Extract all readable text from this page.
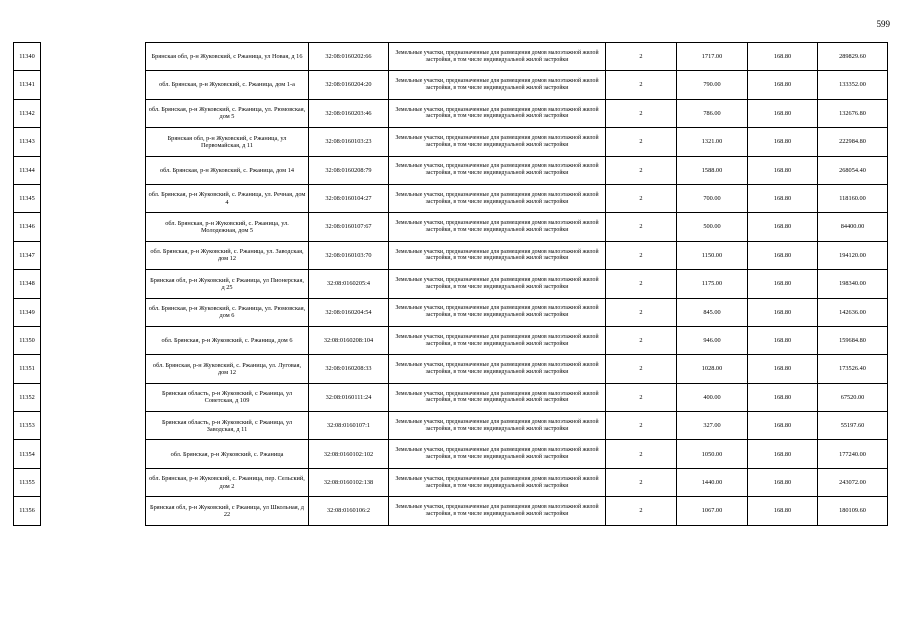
599
11340		Брянская обл, р-н Жуковский, с Ржаница, ул Новая, д 16	32:08:0160202:66	Земельные участки, предназначенные для размещения домов малоэтажной жилой застройки, в том числе индивидуальной жилой застройки	2	1717.00	168.80	289829.60
11341		обл. Брянская, р-н Жуковский, с. Ржаница, дом 1-а	32:08:0160204:20	Земельные участки, предназначенные для размещения домов малоэтажной жилой застройки, в том числе индивидуальной жилой застройки	2	790.00	168.80	133352.00
11342		обл. Брянская, р-н Жуковский, с. Ржаница, ул. Рюмовская, дом 5	32:08:0160203:46	Земельные участки, предназначенные для размещения домов малоэтажной жилой застройки, в том числе индивидуальной жилой застройки	2	786.00	168.80	132676.80
11343		Брянская обл, р-н Жуковский, с Ржаница, ул Первомайская, д 11	32:08:0160103:23	Земельные участки, предназначенные для размещения домов малоэтажной жилой застройки, в том числе индивидуальной жилой застройки	2	1321.00	168.80	222984.80
11344		обл. Брянская, р-н Жуковский, с. Ржаница, дом 14	32:08:0160208:79	Земельные участки, предназначенные для размещения домов малоэтажной жилой застройки, в том числе индивидуальной жилой застройки	2	1588.00	168.80	268054.40
11345		обл. Брянская, р-н Жуковский, с. Ржаница, ул. Речная, дом 4	32:08:0160104:27	Земельные участки, предназначенные для размещения домов малоэтажной жилой застройки, в том числе индивидуальной жилой застройки	2	700.00	168.80	118160.00
11346		обл. Брянская, р-н Жуковский, с. Ржаница, ул. Молодежная, дом 5	32:08:0160107:67	Земельные участки, предназначенные для размещения домов малоэтажной жилой застройки, в том числе индивидуальной жилой застройки	2	500.00	168.80	84400.00
11347		обл. Брянская, р-н Жуковский, с. Ржаница, ул. Заводская, дом 12	32:08:0160103:70	Земельные участки, предназначенные для размещения домов малоэтажной жилой застройки, в том числе индивидуальной жилой застройки	2	1150.00	168.80	194120.00
11348		Брянская обл, р-н Жуковский, с Ржаница, ул Пионерская, д 25	32:08:0160205:4	Земельные участки, предназначенные для размещения домов малоэтажной жилой застройки, в том числе индивидуальной жилой застройки	2	1175.00	168.80	198340.00
11349		обл. Брянская, р-н Жуковский, с. Ржаница, ул. Рюмовская, дом 6	32:08:0160204:54	Земельные участки, предназначенные для размещения домов малоэтажной жилой застройки, в том числе индивидуальной жилой застройки	2	845.00	168.80	142636.00
11350		обл. Брянская, р-н Жуковский, с. Ржаница, дом 6	32:08:0160208:104	Земельные участки, предназначенные для размещения домов малоэтажной жилой застройки, в том числе индивидуальной жилой застройки	2	946.00	168.80	159684.80
11351		обл. Брянская, р-н Жуковский, с. Ржаница, ул. Луговая, дом 12	32:08:0160208:33	Земельные участки, предназначенные для размещения домов малоэтажной жилой застройки, в том числе индивидуальной жилой застройки	2	1028.00	168.80	173526.40
11352		Брянская область, р-н Жуковский, с Ржаница, ул Советская, д 109	32:08:0160111:24	Земельные участки, предназначенные для размещения домов малоэтажной жилой застройки, в том числе индивидуальной жилой застройки	2	400.00	168.80	67520.00
11353		Брянская область, р-н Жуковский, с Ржаница, ул Заводская, д 11	32:08:0160107:1	Земельные участки, предназначенные для размещения домов малоэтажной жилой застройки, в том числе индивидуальной жилой застройки	2	327.00	168.80	55197.60
11354		обл. Брянская, р-н Жуковский, с. Ржаница	32:08:0160102:102	Земельные участки, предназначенные для размещения домов малоэтажной жилой застройки, в том числе индивидуальной жилой застройки	2	1050.00	168.80	177240.00
11355		обл. Брянская, р-н Жуковский, с. Ржаница, пер. Сельский, дом 2	32:08:0160102:138	Земельные участки, предназначенные для размещения домов малоэтажной жилой застройки, в том числе индивидуальной жилой застройки	2	1440.00	168.80	243072.00
11356		Брянская обл, р-н Жуковский, с Ржаница, ул Школьная, д 22	32:08:0160106:2	Земельные участки, предназначенные для размещения домов малоэтажной жилой застройки, в том числе индивидуальной жилой застройки	2	1067.00	168.80	180109.60
